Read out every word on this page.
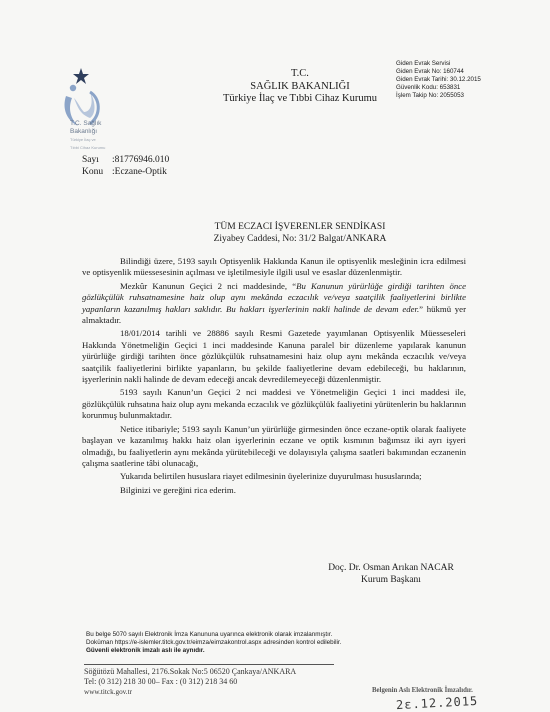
T.C. Sağlık Bakanlığı
Türkiye İlaç ve
Tıbbi Cihaz Kurumu
T.C.
SAĞLIK BAKANLIĞI
Türkiye İlaç ve Tıbbi Cihaz Kurumu
Giden Evrak Servisi
Giden Evrak No: 160744
Giden Evrak Tarihi: 30.12.2015
Güvenlik Kodu: 653831
İşlem Takip No: 2055053
Sayı :81776946.010
Konu :Eczane-Optik
TÜM ECZACI İŞVERENLER SENDİKASI
Ziyabey Caddesi, No: 31/2 Balgat/ANKARA

Bilindiği üzere, 5193 sayılı Optisyenlik Hakkında Kanun ile optisyenlik mesleğinin icra edilmesi ve optisyenlik müessesesinin açılması ve işletilmesiyle ilgili usul ve esaslar düzenlenmiştir.

Mezkûr Kanunun Geçici 2 nci maddesinde, “Bu Kanunun yürürlüğe girdiği tarihten önce gözlükçülük ruhsatnamesine haiz olup aynı mekânda eczacılık ve/veya saatçilik faaliyetlerini birlikte yapanların kazanılmış hakları saklıdır. Bu hakları işyerlerinin nakli halinde de devam eder.” hükmü yer almaktadır.

18/01/2014 tarihli ve 28886 sayılı Resmi Gazetede yayımlanan Optisyenlik Müesseseleri Hakkında Yönetmeliğin Geçici 1 inci maddesinde Kanuna paralel bir düzenleme yapılarak kanunun yürürlüğe girdiği tarihten önce gözlükçülük ruhsatnamesini haiz olup aynı mekânda eczacılık ve/veya saatçilik faaliyetlerini birlikte yapanların, bu şekilde faaliyetlerine devam edebileceği, bu haklarının, işyerlerinin nakli halinde de devam edeceği ancak devredilemeyeceği düzenlenmiştir.

5193 sayılı Kanun’un Geçici 2 nci maddesi ve Yönetmeliğin Geçici 1 inci maddesi ile, gözlükçülük ruhsatına haiz olup aynı mekanda eczacılık ve gözlükçülük faaliyetini yürütenlerin bu haklarının korunmuş bulunmaktadır.

Netice itibariyle; 5193 sayılı Kanun’un yürürlüğe girmesinden önce eczane-optik olarak faaliyete başlayan ve kazanılmış hakkı haiz olan işyerlerinin eczane ve optik kısmının bağımsız iki ayrı işyeri olmadığı, bu faaliyetlerin aynı mekânda yürütebileceği ve dolayısıyla çalışma saatleri bakımından eczanenin çalışma saatlerine tâbi olunacağı,

Yukarıda belirtilen hususlara riayet edilmesinin üyelerinize duyurulması hususlarında;

Bilginizi ve gereğini rica ederim.

Doç. Dr. Osman Arıkan NACAR
Kurum Başkanı
Bu belge 5070 sayılı Elektronik İmza Kanununa uyarınca elektronik olarak imzalanmıştır.
Doküman https://e-islemler.titck.gov.tr/eimza/eimzakontrol.aspx adresinden kontrol edilebilir.
Güvenli elektronik imzalı aslı ile aynıdır.
Söğütözü Mahallesi, 2176.Sokak No:5 06520 Çankaya/ANKARA
Tel: (0 312) 218 30 00– Fax : (0 312) 218 34 60
www.titck.gov.tr	Belgenin Aslı Elektronik İmzalıdır.
2ε.12.2015
